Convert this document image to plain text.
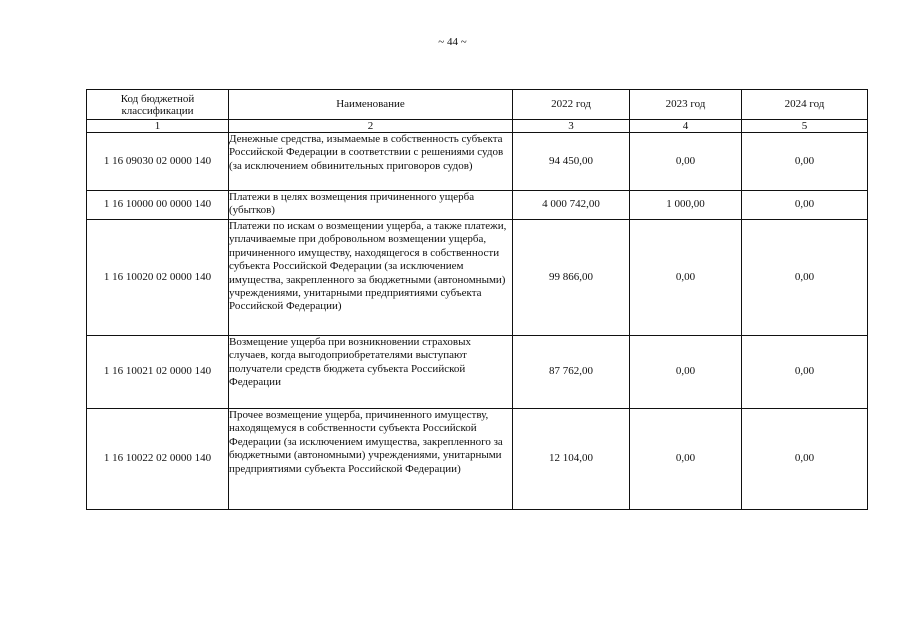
~ 44 ~
Код бюджетной классификации	Наименование	2022 год	2023 год	2024 год
1	2	3	4	5
1 16 09030 02 0000 140	Денежные средства, изымаемые в собственность субъекта Российской Федерации в соответствии с решениями судов (за исключением обвинительных приговоров судов)	94 450,00	0,00	0,00
1 16 10000 00 0000 140	Платежи в целях возмещения причиненного ущерба (убытков)	4 000 742,00	1 000,00	0,00
1 16 10020 02 0000 140	Платежи по искам о возмещении ущерба, а также платежи, уплачиваемые при добровольном возмещении ущерба, причиненного имуществу, находящегося в собственности субъекта Российской Федерации (за исключением имущества, закрепленного за бюджетными (автономными) учреждениями, унитарными предприятиями субъекта Российской Федерации)	99 866,00	0,00	0,00
1 16 10021 02 0000 140	Возмещение ущерба при возникновении страховых случаев, когда выгодоприобретателями выступают получатели средств бюджета субъекта Российской Федерации	87 762,00	0,00	0,00
1 16 10022 02 0000 140	Прочее возмещение ущерба, причиненного имуществу, находящемуся в собственности субъекта Российской Федерации (за исключением имущества, закрепленного за бюджетными (автономными) учреждениями, унитарными предприятиями субъекта Российской Федерации)	12 104,00	0,00	0,00
